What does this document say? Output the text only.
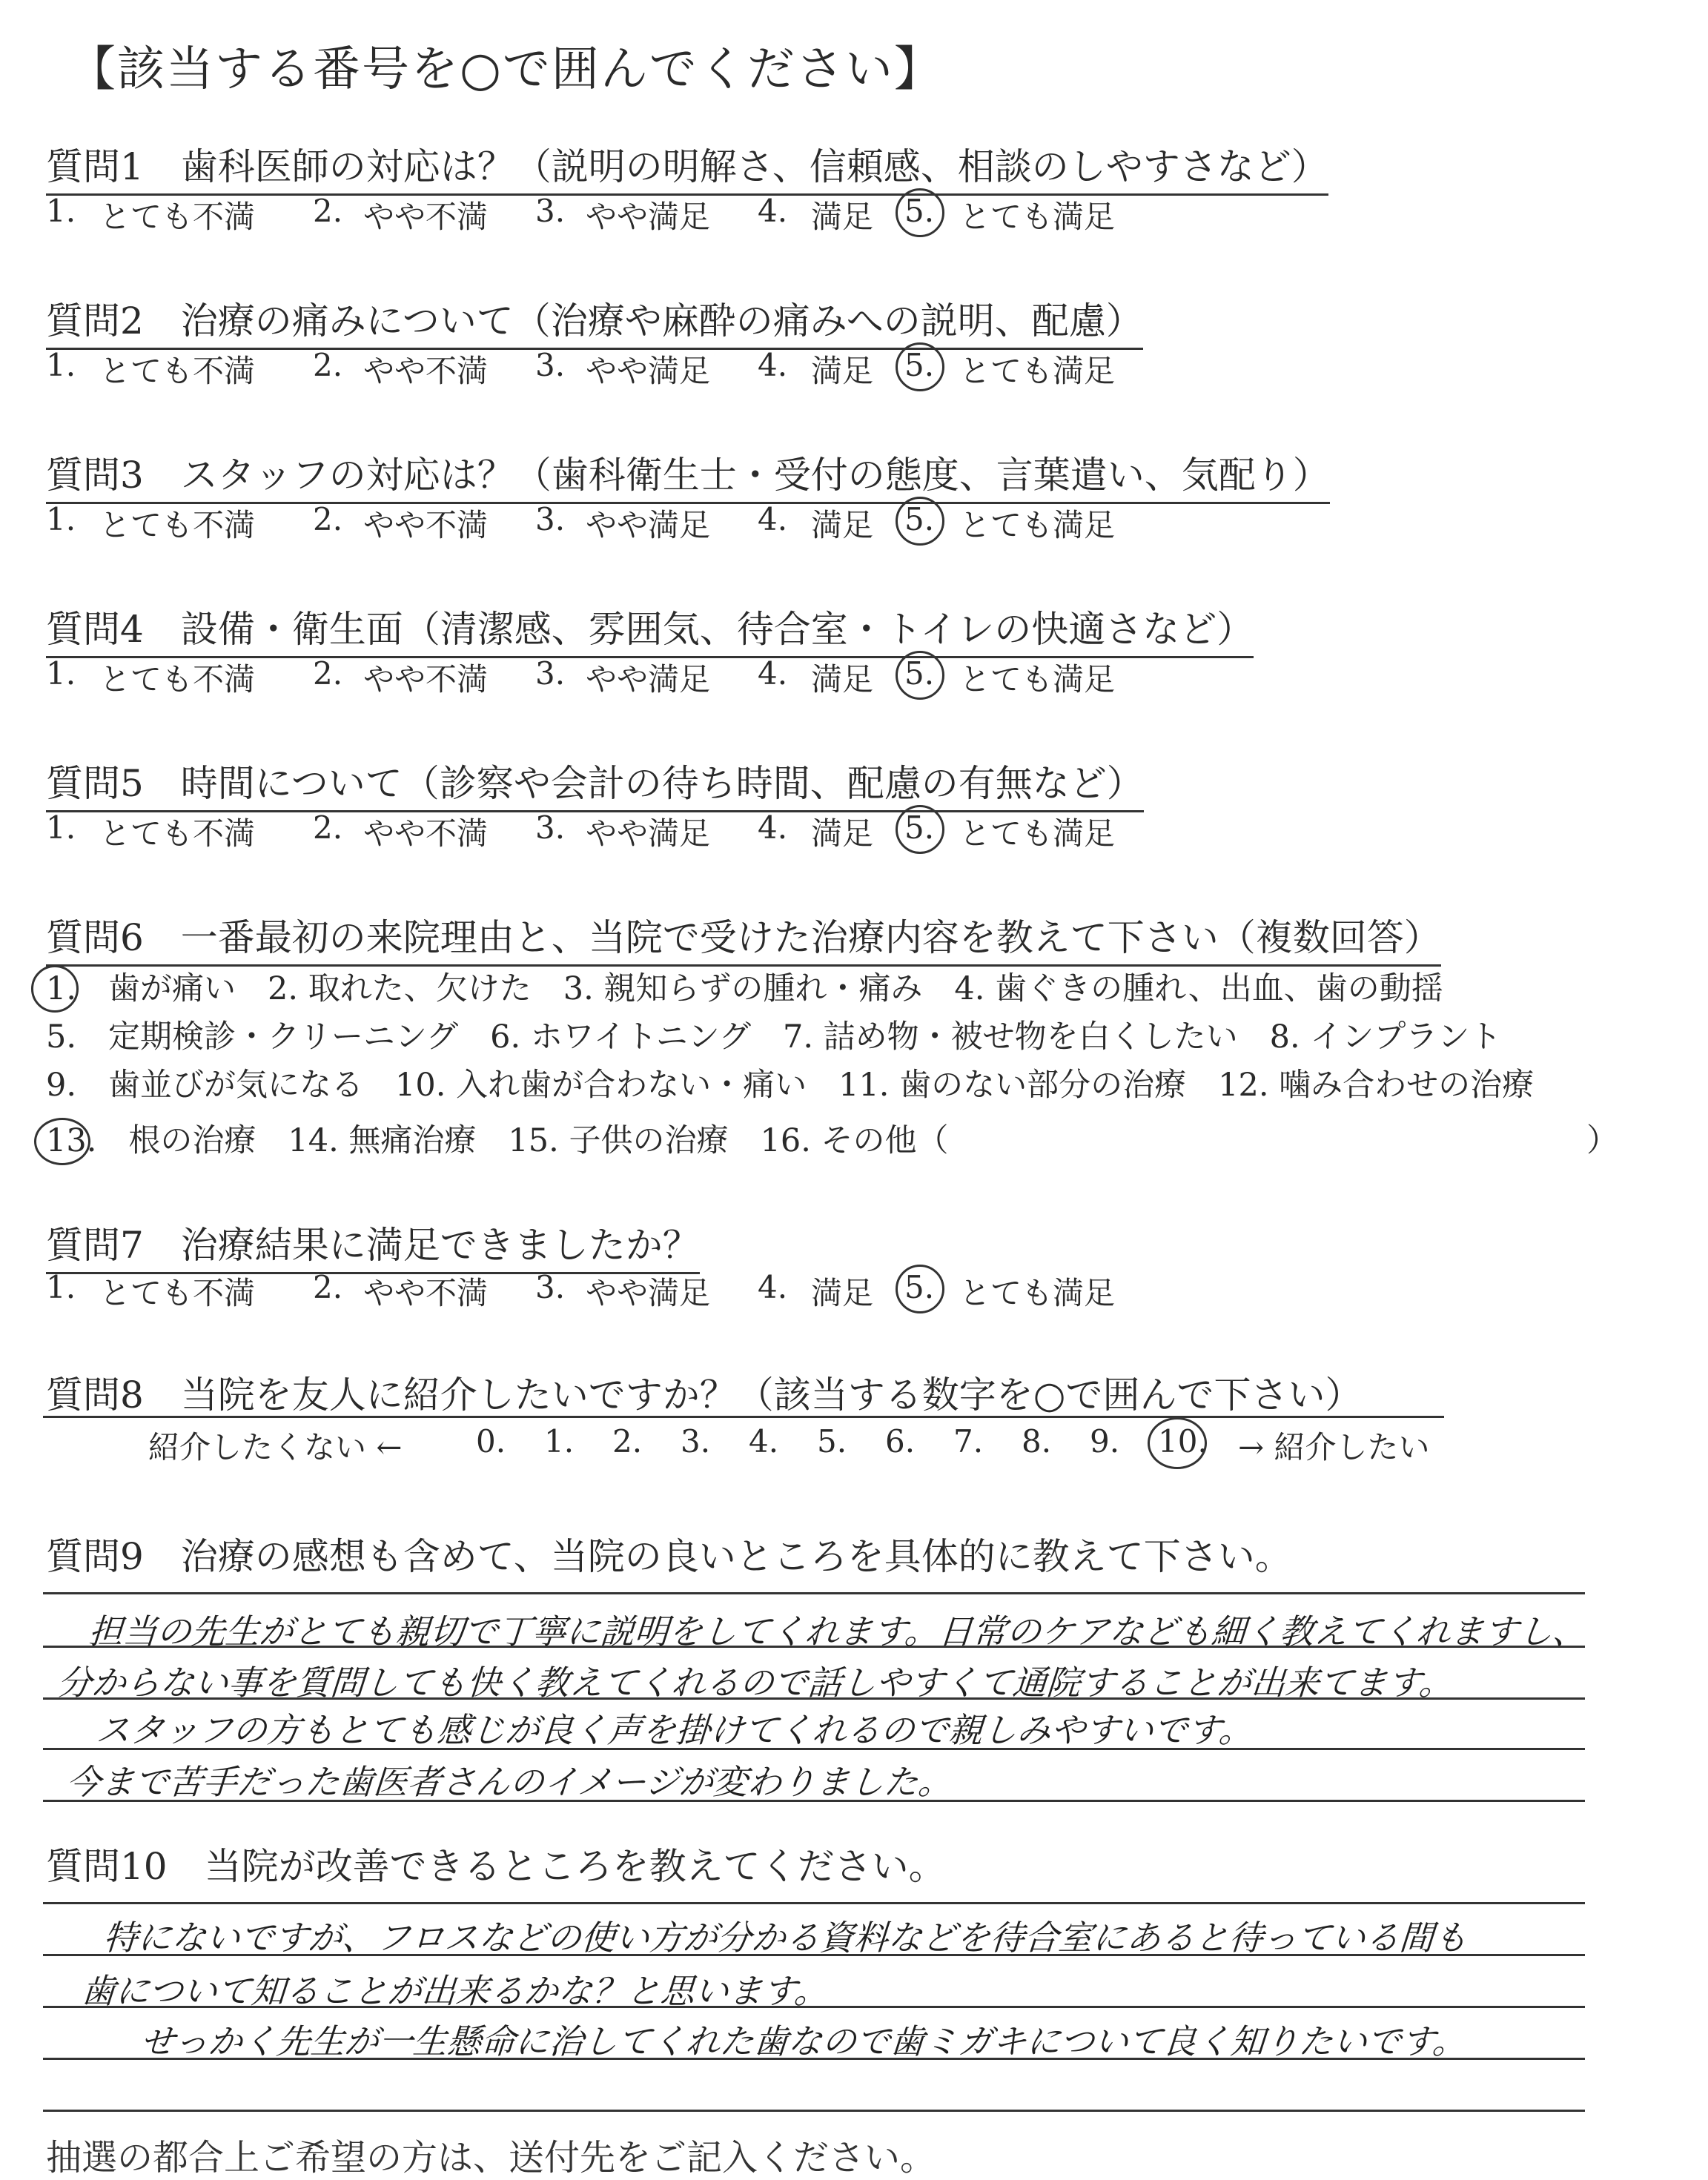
【該当する番号を○で囲んでください】
質問1　歯科医師の対応は？（説明の明解さ、信頼感、相談のしやすさなど）
1. とても不満 2. やや不満 3. やや満足 4. 満足 5. とても満足
質問2　治療の痛みについて（治療や麻酔の痛みへの説明、配慮）
1. とても不満 2. やや不満 3. やや満足 4. 満足 5. とても満足
質問3　スタッフの対応は？（歯科衛生士・受付の態度、言葉遣い、気配り）
1. とても不満 2. やや不満 3. やや満足 4. 満足 5. とても満足
質問4　設備・衛生面（清潔感、雰囲気、待合室・トイレの快適さなど）
1. とても不満 2. やや不満 3. やや満足 4. 満足 5. とても満足
質問5　時間について（診察や会計の待ち時間、配慮の有無など）
1. とても不満 2. やや不満 3. やや満足 4. 満足 5. とても満足
質問6　一番最初の来院理由と、当院で受けた治療内容を教えて下さい（複数回答）
1.　歯が痛い　2. 取れた、欠けた　3. 親知らずの腫れ・痛み　4. 歯ぐきの腫れ、出血、歯の動揺
5.　定期検診・クリーニング　6. ホワイトニング　7. 詰め物・被せ物を白くしたい　8. インプラント
9.　歯並びが気になる　10. 入れ歯が合わない・痛い　11. 歯のない部分の治療　12. 噛み合わせの治療
13.　根の治療　14. 無痛治療　15. 子供の治療　16. その他（	）
質問7　治療結果に満足できましたか？
1. とても不満 2. やや不満 3. やや満足 4. 満足 5. とても満足
質問8　当院を友人に紹介したいですか？（該当する数字を○で囲んで下さい）
紹介したくない ← 0. 1. 2. 3. 4. 5. 6. 7. 8. 9. 10. → 紹介したい
質問9　治療の感想も含めて、当院の良いところを具体的に教えて下さい。
担当の先生がとても親切で丁寧に説明をしてくれます。日常のケアなども細く教えてくれますし、
分からない事を質問しても快く教えてくれるので話しやすくて通院することが出来てます。
スタッフの方もとても感じが良く声を掛けてくれるので親しみやすいです。
今まで苦手だった歯医者さんのイメージが変わりました。
質問10　当院が改善できるところを教えてください。
特にないですが、フロスなどの使い方が分かる資料などを待合室にあると待っている間も
歯について知ることが出来るかな？と思います。
せっかく先生が一生懸命に治してくれた歯なので歯ミガキについて良く知りたいです。
抽選の都合上ご希望の方は、送付先をご記入ください。
